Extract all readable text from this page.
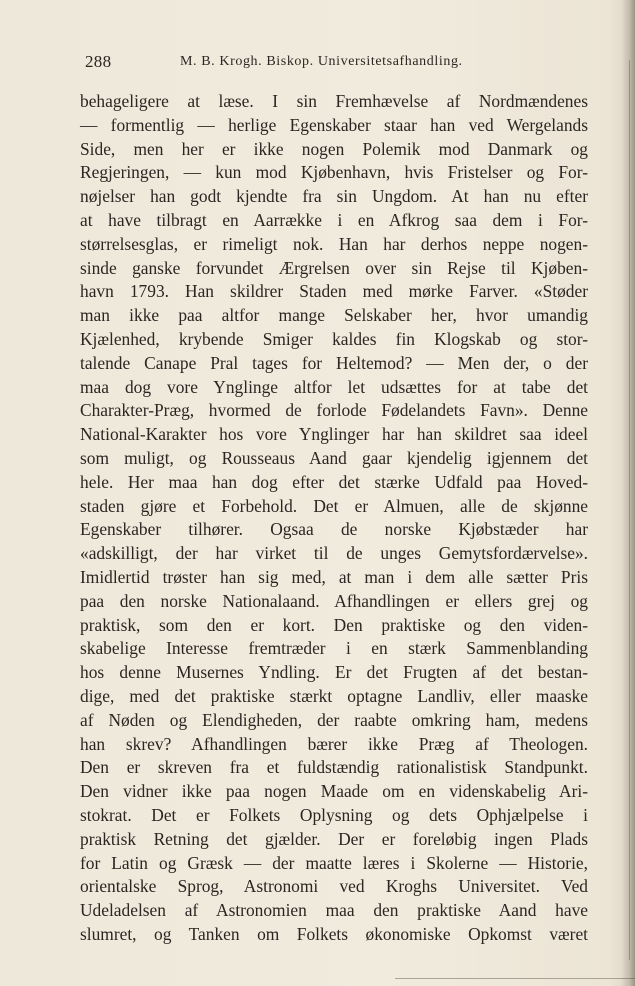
288	M. B. Krogh. Biskop. Universitetsafhandling.
behageligere at læse. I sin Fremhævelse af Nordmændenes
— formentlig — herlige Egenskaber staar han ved Wergelands
Side, men her er ikke nogen Polemik mod Danmark og
Regjeringen, — kun mod Kjøbenhavn, hvis Fristelser og For-
nøjelser han godt kjendte fra sin Ungdom. At han nu efter
at have tilbragt en Aarrække i en Afkrog saa dem i For-
størrelsesglas, er rimeligt nok. Han har derhos neppe nogen-
sinde ganske forvundet Ærgrelsen over sin Rejse til Kjøben-
havn 1793. Han skildrer Staden med mørke Farver. «Støder
man ikke paa altfor mange Selskaber her, hvor umandig
Kjælenhed, krybende Smiger kaldes fin Klogskab og stor-
talende Canape Pral tages for Heltemod? — Men der, o der
maa dog vore Ynglinge altfor let udsættes for at tabe det
Charakter-Præg, hvormed de forlode Fødelandets Favn». Denne
National-Karakter hos vore Ynglinger har han skildret saa ideel
som muligt, og Rousseaus Aand gaar kjendelig igjennem det
hele. Her maa han dog efter det stærke Udfald paa Hoved-
staden gjøre et Forbehold. Det er Almuen, alle de skjønne
Egenskaber tilhører. Ogsaa de norske Kjøbstæder har
«adskilligt, der har virket til de unges Gemytsfordærvelse».
Imidlertid trøster han sig med, at man i dem alle sætter Pris
paa den norske Nationalaand. Afhandlingen er ellers grej og
praktisk, som den er kort. Den praktiske og den viden-
skabelige Interesse fremtræder i en stærk Sammenblanding
hos denne Musernes Yndling. Er det Frugten af det bestan-
dige, med det praktiske stærkt optagne Landliv, eller maaske
af Nøden og Elendigheden, der raabte omkring ham, medens
han skrev? Afhandlingen bærer ikke Præg af Theologen.
Den er skreven fra et fuldstændig rationalistisk Standpunkt.
Den vidner ikke paa nogen Maade om en videnskabelig Ari-
stokrat. Det er Folkets Oplysning og dets Ophjælpelse i
praktisk Retning det gjælder. Der er foreløbig ingen Plads
for Latin og Græsk — der maatte læres i Skolerne — Historie,
orientalske Sprog, Astronomi ved Kroghs Universitet. Ved
Udeladelsen af Astronomien maa den praktiske Aand have
slumret, og Tanken om Folkets økonomiske Opkomst været
